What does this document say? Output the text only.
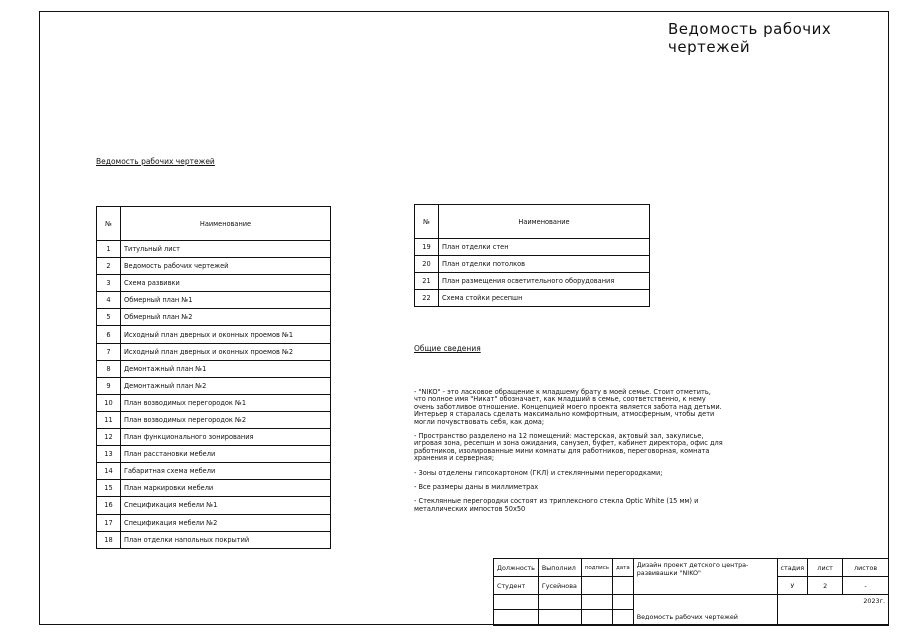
Ведомость рабочих чертежей
Ведомость рабочих чертежей
№	Наименование
1	Титульный лист
2	Ведомость рабочих чертежей
3	Схема развивки
4	Обмерный план №1
5	Обмерный план №2
6	Исходный план дверных и оконных проемов №1
7	Исходный план дверных и оконных проемов №2
8	Демонтажный план №1
9	Демонтажный план №2
10	План возводимых перегородок №1
11	План возводимых перегородок №2
12	План функционального зонирования
13	План расстановки мебели
14	Габаритная схема мебели
15	План маркировки мебели
16	Спецификация мебели №1
17	Спецификация мебели №2
18	План отделки напольных покрытий
№	Наименование
19	План отделки стен
20	План отделки потолков
21	План размещения осветительного оборудования
22	Схема стойки ресепшн
Общие сведения

- "NIKO" - это ласковое обращение к младшему брату в моей семье. Стоит отметить, что полное имя "Никат" обозначает, как младший в семье, соответственно, к нему очень заботливое отношение. Концепцией моего проекта является забота над детьми. Интерьер я старалась сделать максимально комфортным, атмосферным, чтобы дети могли почувствовать себя, как дома;

- Пространство разделено на 12 помещений: мастерская, актовый зал, закулисье, игровая зона, ресепшн и зона ожидания, санузел, буфет, кабинет директора, офис для работников, изолированные мини комнаты для работников, переговорная, комната хранения и серверная;

- Зоны отделены гипсокартоном (ГКЛ) и стеклянными перегородками;

- Все размеры даны в миллиметрах

- Стеклянные перегородки состоят из триплексного стекла Optic White (15 мм) и металлических импостов 50х50

Должность	Выполнил	подпись	дата	Дизайн проект детского центра-развивашки "NIKO"	стадия	лист	листов
Студент	Гусейнова				У	2	-
				Ведомость рабочих чертежей	2023г.		
